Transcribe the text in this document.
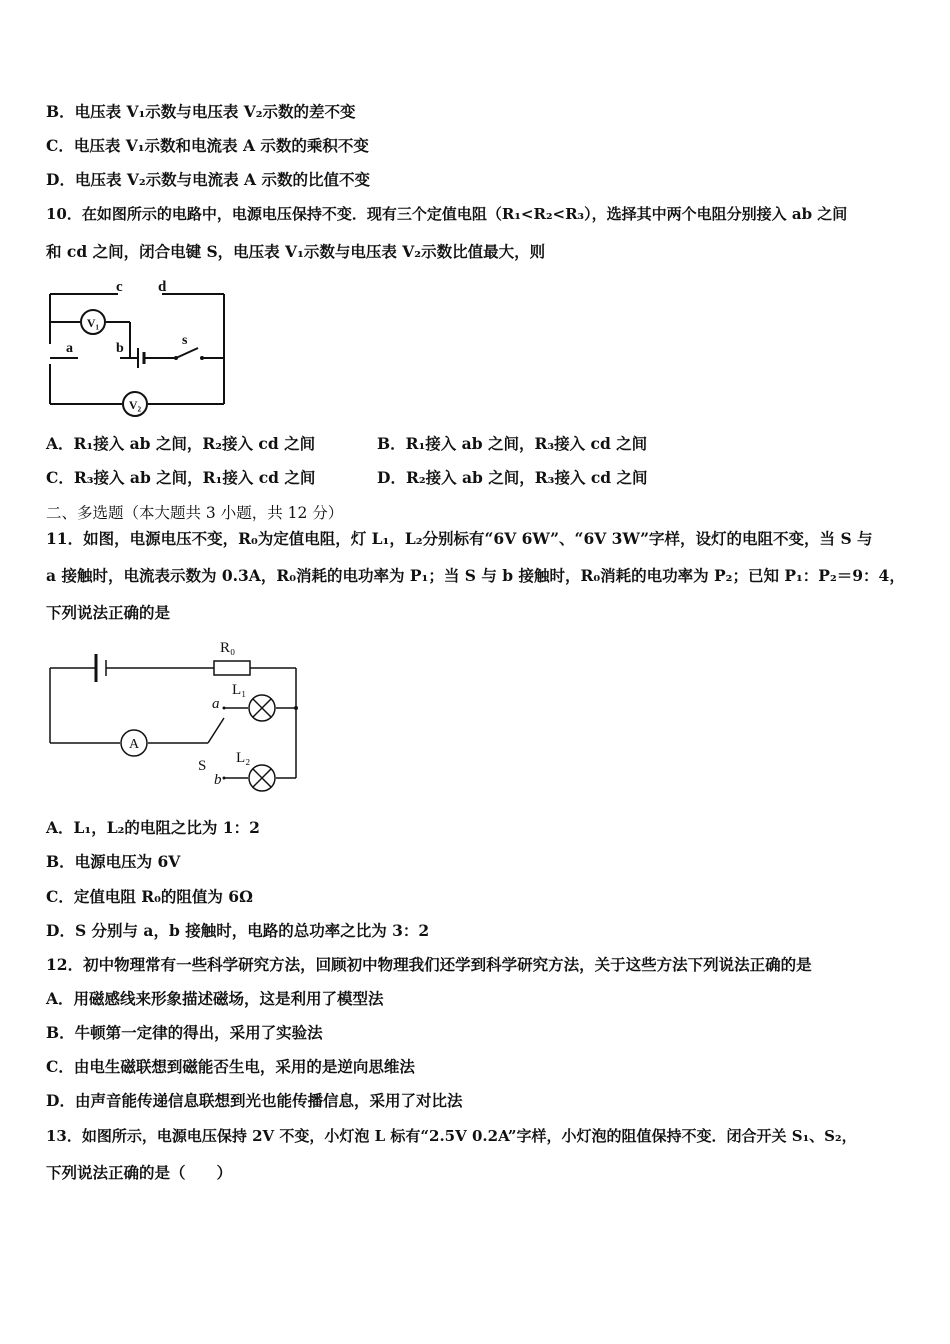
B．电压表 V₁示数与电压表 V₂示数的差不变
C．电压表 V₁示数和电流表 A 示数的乘积不变
D．电压表 V₂示数与电流表 A 示数的比值不变
10．在如图所示的电路中，电源电压保持不变．现有三个定值电阻（R₁<R₂<R₃），选择其中两个电阻分别接入 ab 之间
和 cd 之间，闭合电键 S，电压表 V₁示数与电压表 V₂示数比值最大，则
V₁
V₂
c d
a	b
s
A．R₁接入 ab 之间，R₂接入 cd 之间	B．R₁接入 ab 之间，R₃接入 cd 之间
C．R₃接入 ab 之间，R₁接入 cd 之间	D．R₂接入 ab 之间，R₃接入 cd 之间
二、多选题（本大题共 3 小题，共 12 分）
11．如图，电源电压不变，R₀为定值电阻，灯 L₁，L₂分别标有“6V 6W”、“6V 3W”字样，设灯的电阻不变，当 S 与
a 接触时，电流表示数为 0.3A，R₀消耗的电功率为 P₁；当 S 与 b 接触时，R₀消耗的电功率为 P₂；已知 P₁：P₂＝9：4，
下列说法正确的是
R₀
L₁
L₂
a
b
S
A
A．L₁，L₂的电阻之比为 1：2
B．电源电压为 6V
C．定值电阻 R₀的阻值为 6Ω
D．S 分别与 a，b 接触时，电路的总功率之比为 3：2
12．初中物理常有一些科学研究方法，回顾初中物理我们还学到科学研究方法，关于这些方法下列说法正确的是
A．用磁感线来形象描述磁场，这是利用了模型法
B．牛顿第一定律的得出，采用了实验法
C．由电生磁联想到磁能否生电，采用的是逆向思维法
D．由声音能传递信息联想到光也能传播信息，采用了对比法
13．如图所示，电源电压保持 2V 不变，小灯泡 L 标有“2.5V 0.2A”字样，小灯泡的阻值保持不变．闭合开关 S₁、S₂，
下列说法正确的是（　　）
